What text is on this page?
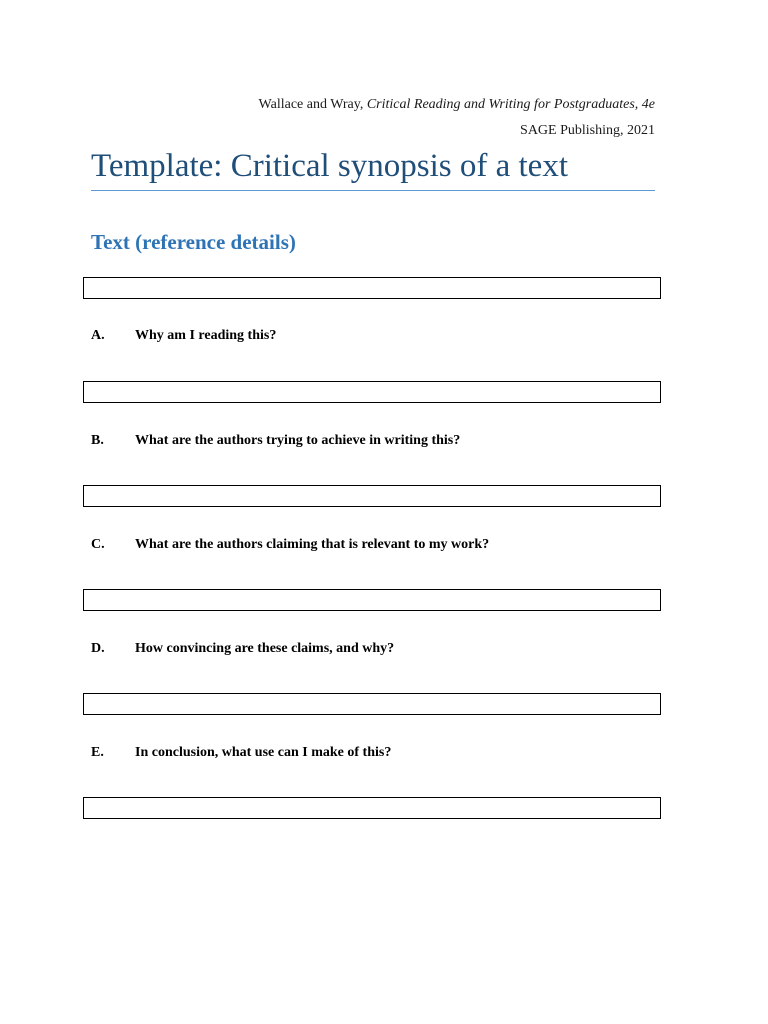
Wallace and Wray, Critical Reading and Writing for Postgraduates, 4e
SAGE Publishing, 2021
Template: Critical synopsis of a text
Text (reference details)
A. Why am I reading this?
B. What are the authors trying to achieve in writing this?
C. What are the authors claiming that is relevant to my work?
D. How convincing are these claims, and why?
E. In conclusion, what use can I make of this?
